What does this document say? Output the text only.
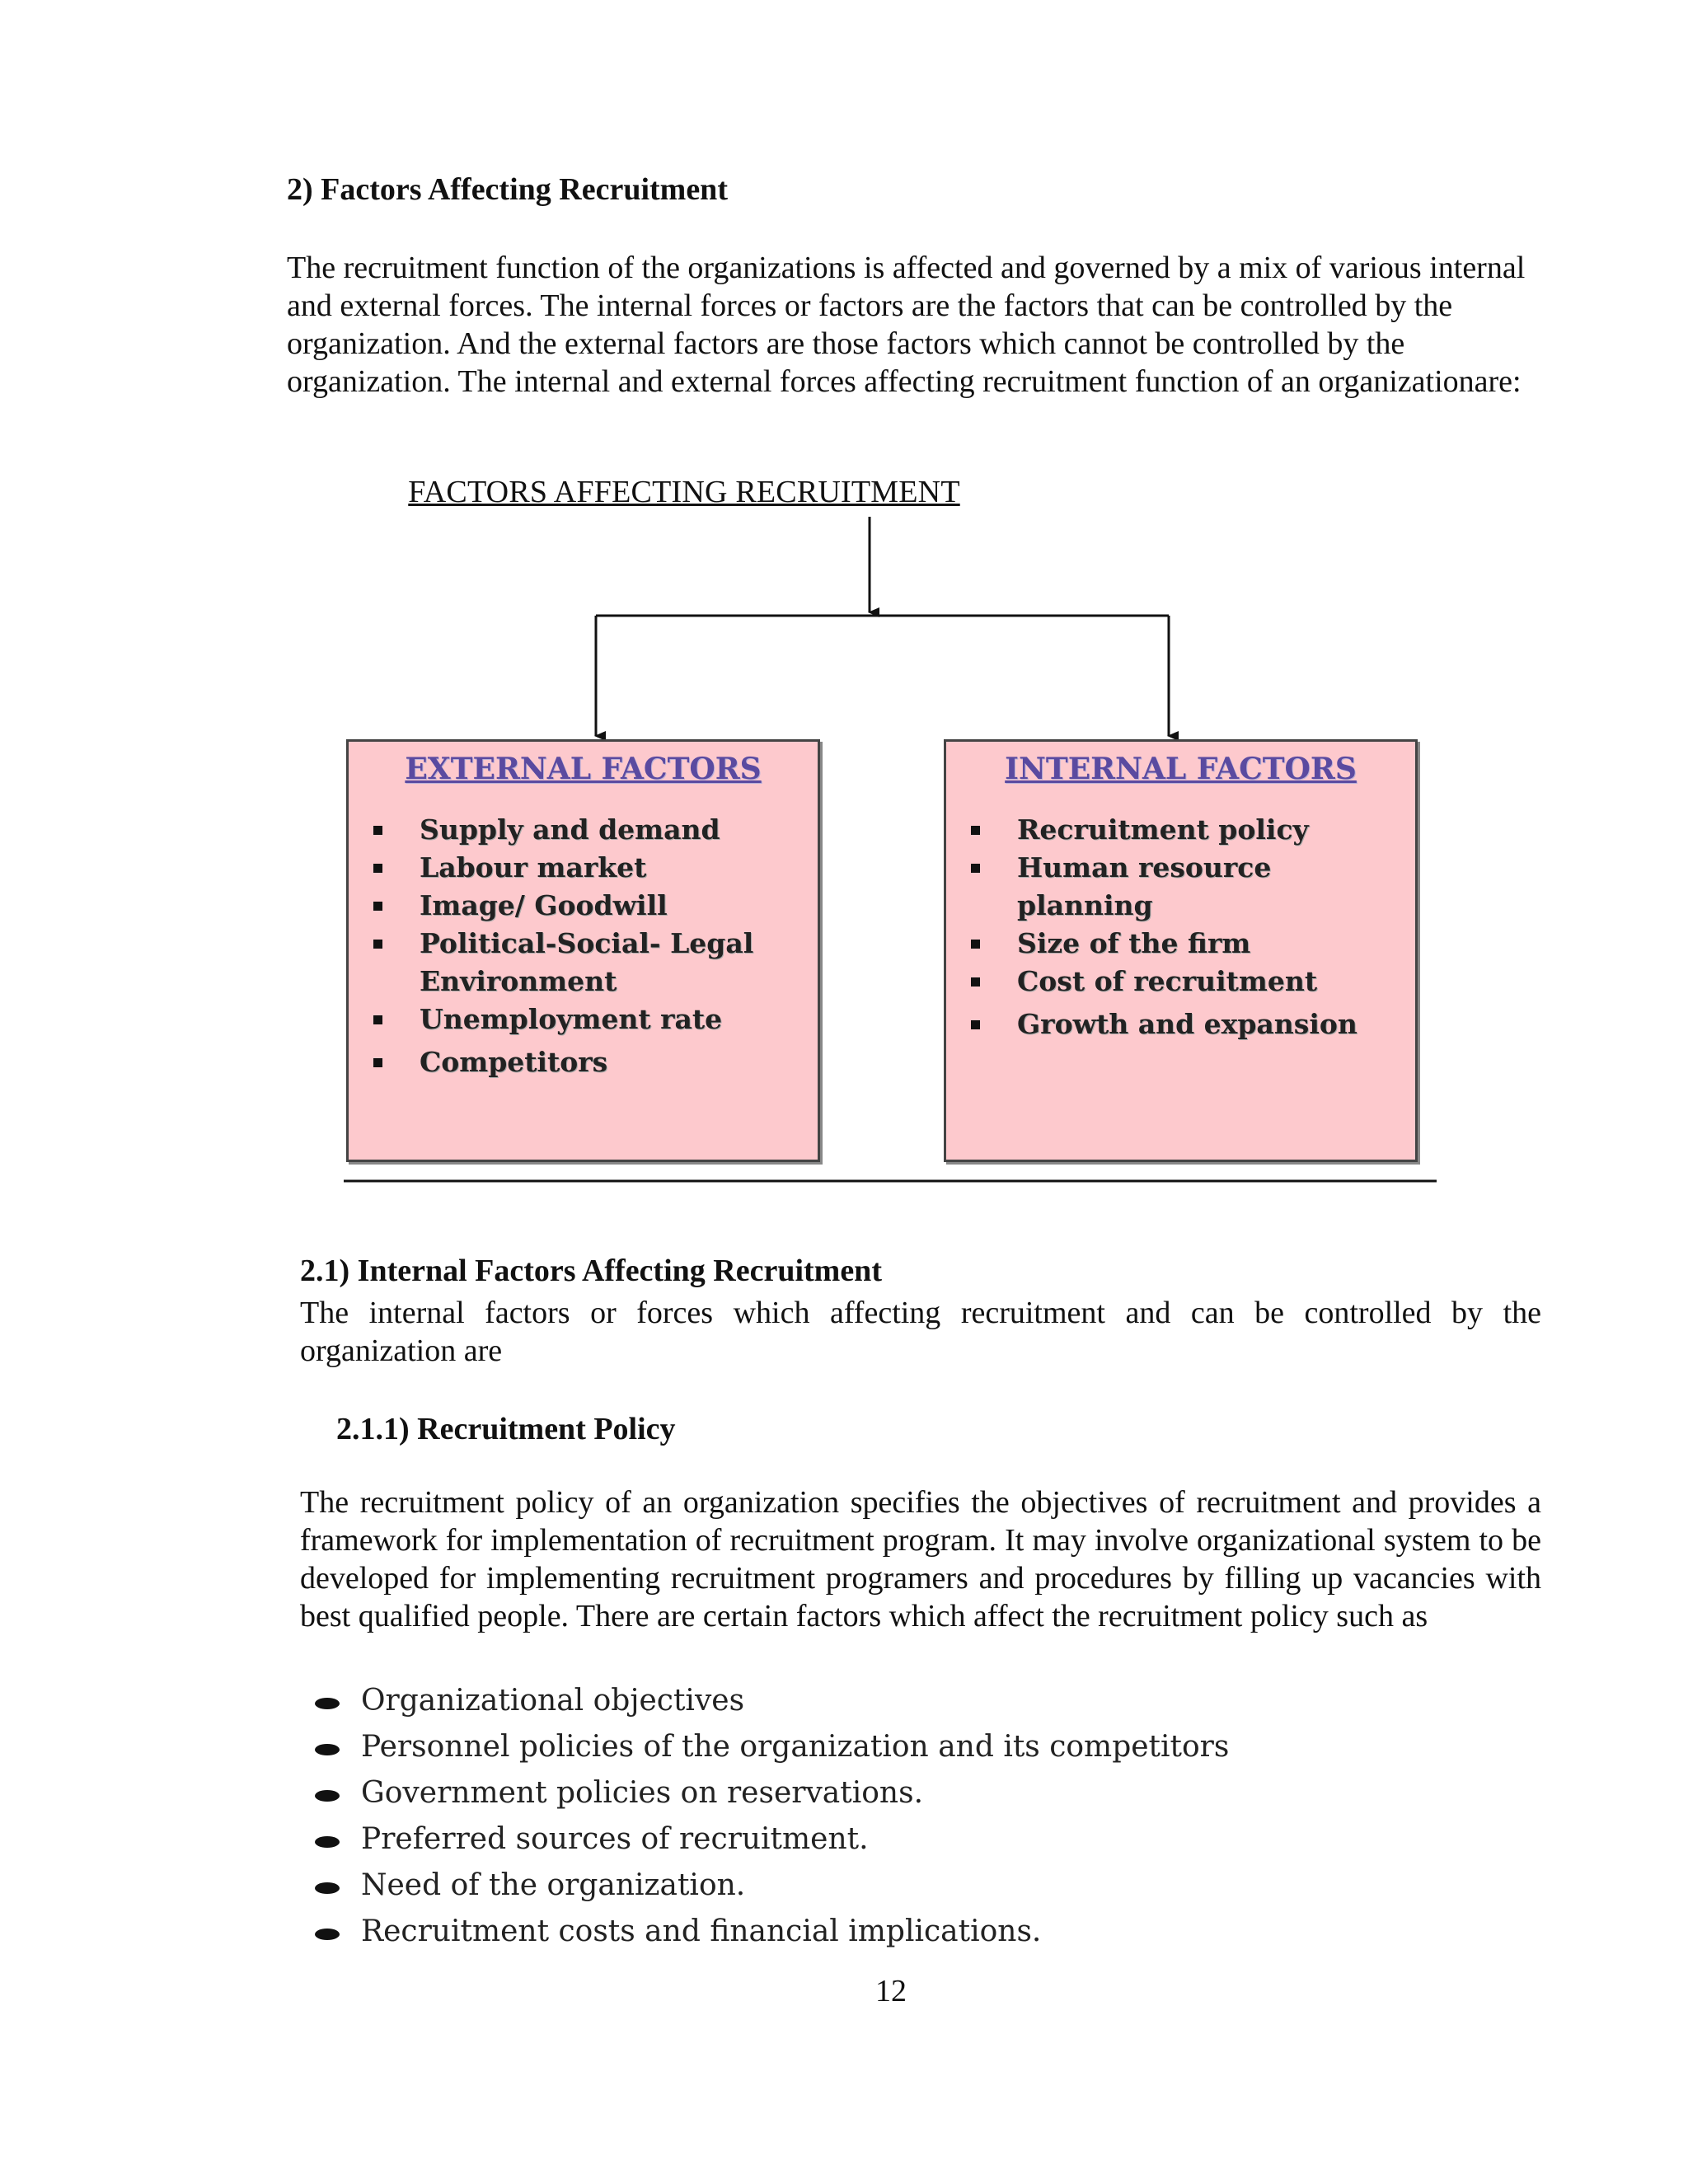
2) Factors Affecting Recruitment

The recruitment function of the organizations is affected and governed by a mix of various internal and external forces. The internal forces or factors are the factors that can be controlled by the organization. And the external factors are those factors which cannot be controlled by the organization. The internal and external forces affecting recruitment function of an organizationare:

FACTORS AFFECTING RECRUITMENT
EXTERNAL FACTORS
Supply and demand
Labour market
Image/ Goodwill
Political-Social- Legal
Environment
Unemployment rate
Competitors
INTERNAL FACTORS
Recruitment policy
Human resource planning
Size of the firm
Cost of recruitment
Growth and expansion
2.1) Internal Factors Affecting Recruitment

The internal factors or forces which affecting recruitment and can be controlled by the organization are

2.1.1) Recruitment Policy

The recruitment policy of an organization specifies the objectives of recruitment and provides a framework for implementation of recruitment program. It may involve organizational system to be developed for implementing recruitment programers and procedures by filling up vacancies with best qualified people. There are certain factors which affect the recruitment policy such as

Organizational objectives
Personnel policies of the organization and its competitors
Government policies on reservations.
Preferred sources of recruitment.
Need of the organization.
Recruitment costs and financial implications.
12
